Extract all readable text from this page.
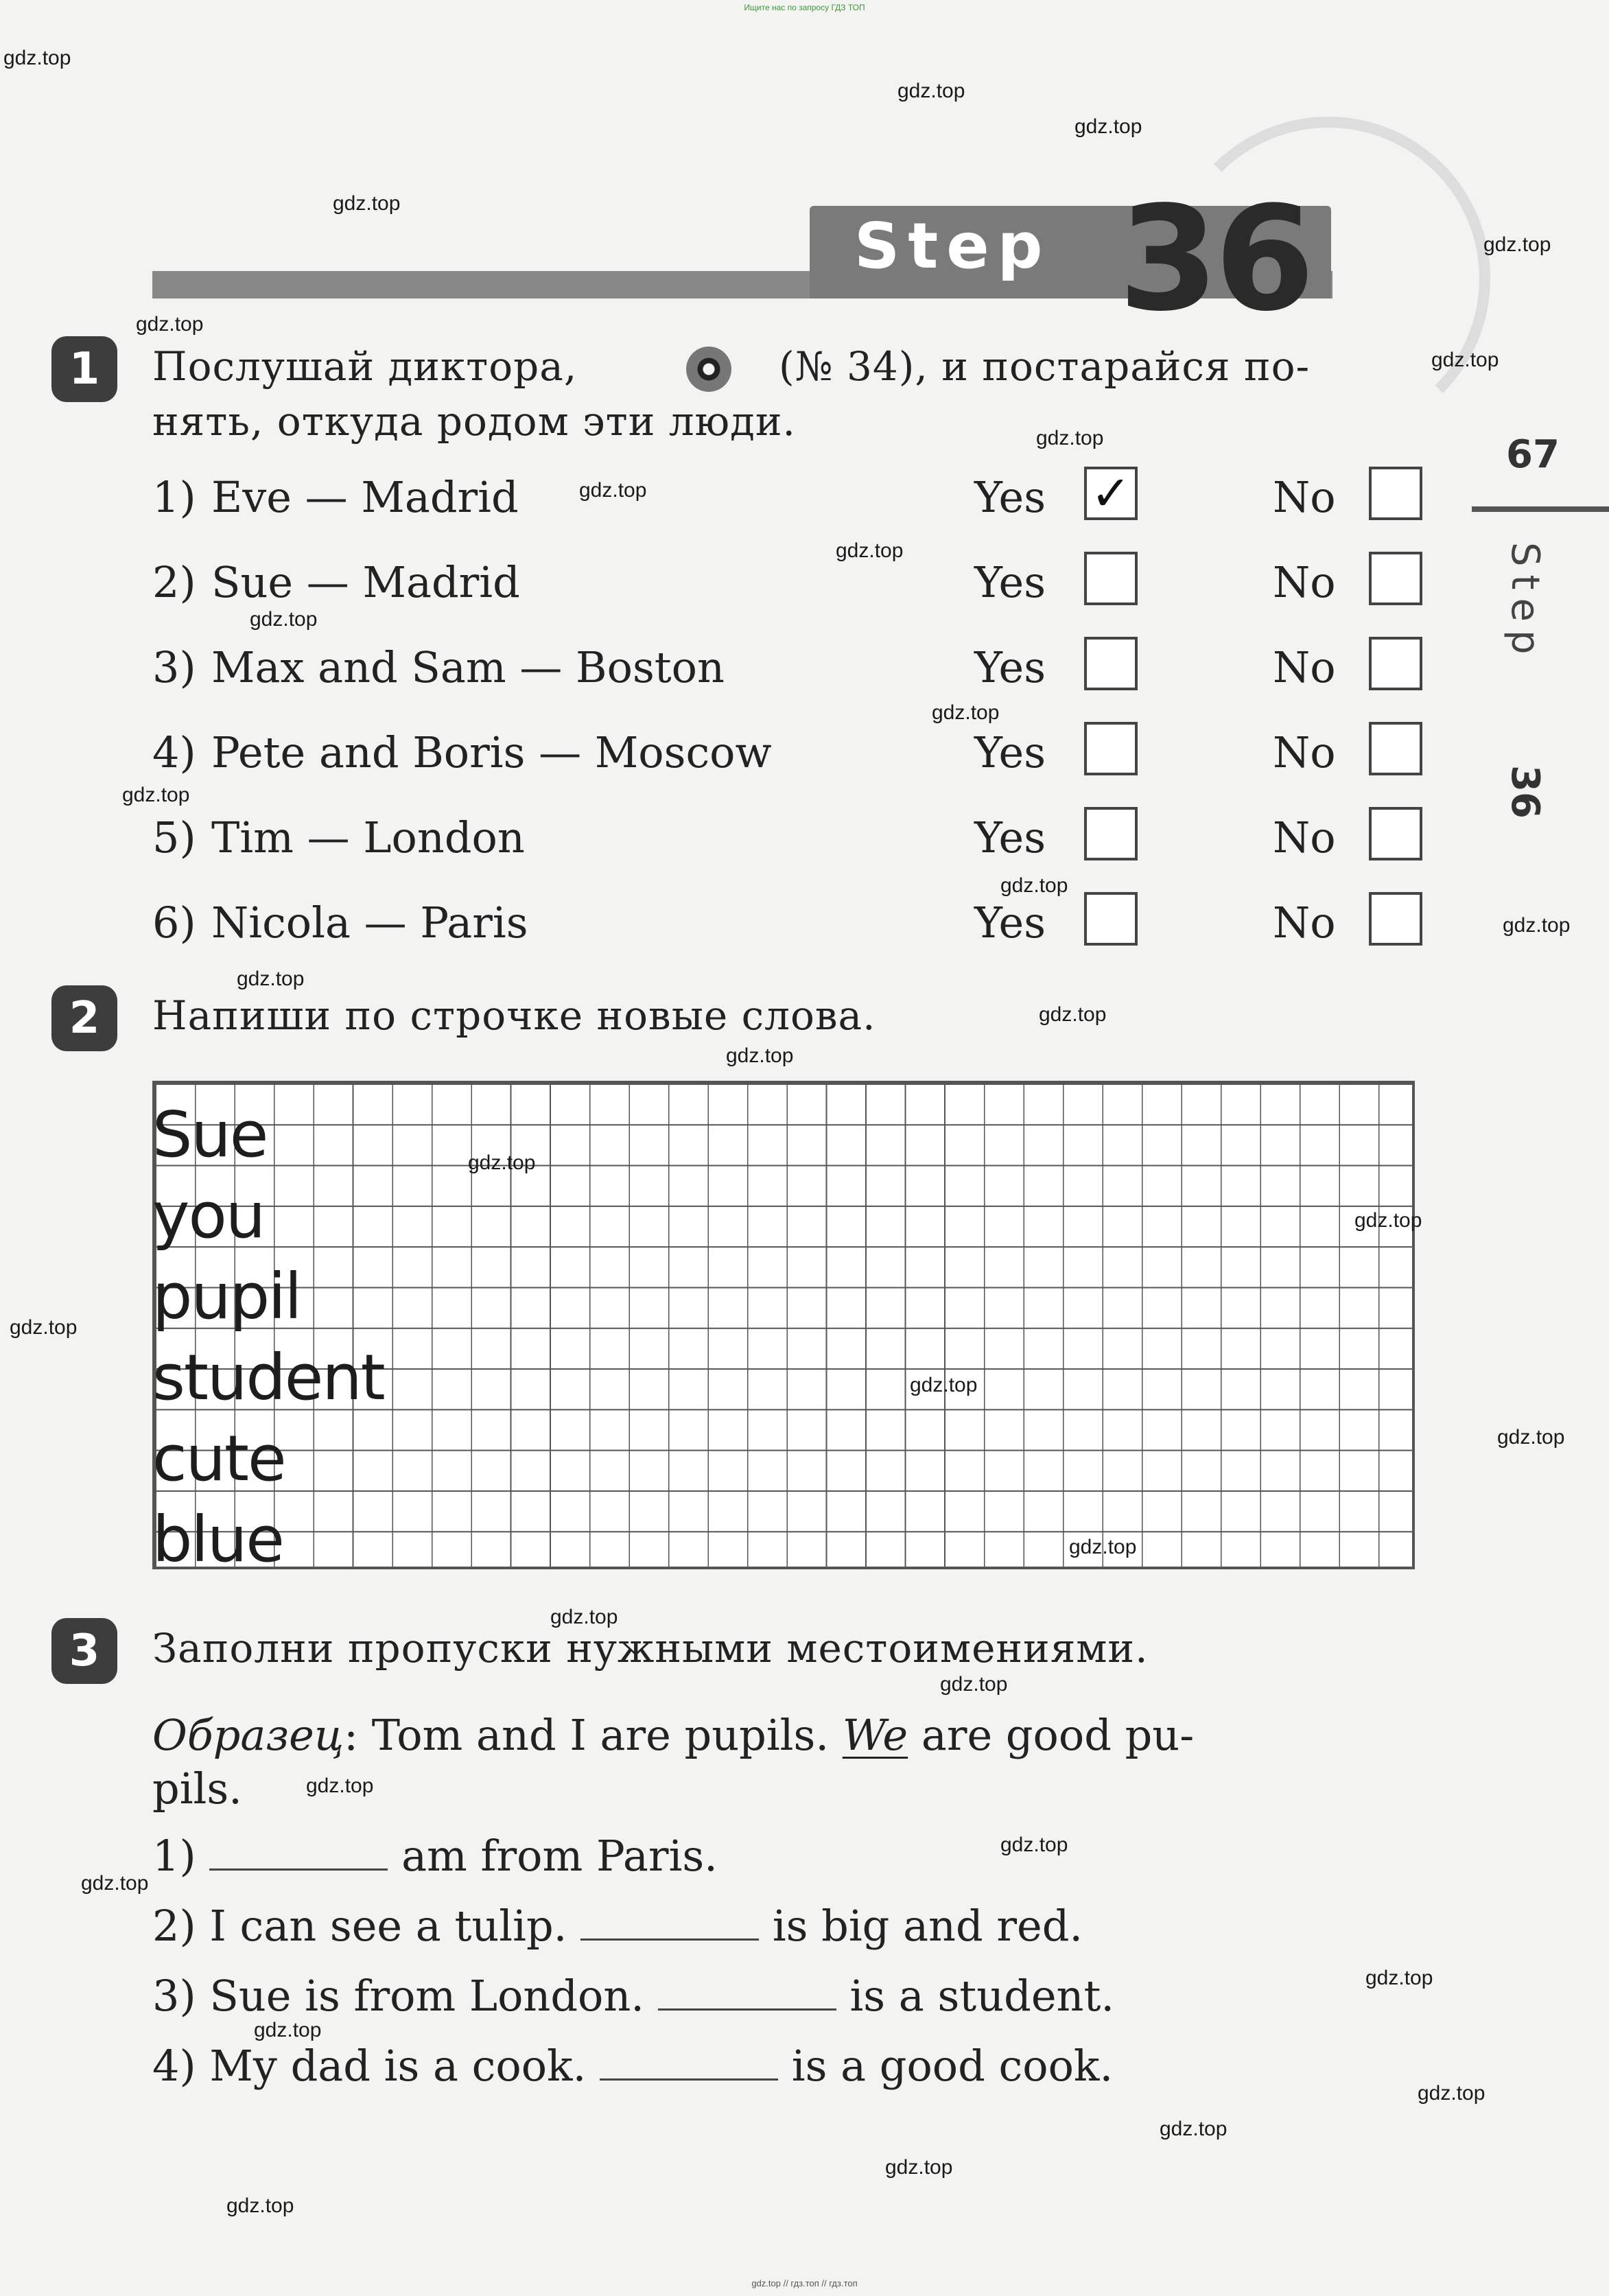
Ищите нас по запросу ГДЗ ТОП
Step 36
67
Step
36
1	Послушай диктора,	(№ 34), и постарайся по-
нять, откуда родом эти люди.
1) Eve — Madrid	Yes ✓	No
2) Sue — Madrid	Yes	No
3) Max and Sam — Boston	Yes	No
4) Pete and Boris — Moscow	Yes	No
5) Tim — London	Yes	No
6) Nicola — Paris	Yes	No
2	Напиши по строчке новые слова.
Sue
you
pupil
student
cute
blue
3	Заполни пропуски нужными местоимениями.
Образец: Tom and I are pupils. We are good pu-
pils.
1)	am from Paris.
2) I can see a tulip.	is big and red.
3) Sue is from London.	is a student.
4) My dad is a cook.	is a good cook.
gdz.top
gdz.top
gdz.top
gdz.top
gdz.top
gdz.top
gdz.top
gdz.top
gdz.top
gdz.top
gdz.top
gdz.top
gdz.top
gdz.top
gdz.top
gdz.top
gdz.top
gdz.top
gdz.top
gdz.top
gdz.top
gdz.top
gdz.top
gdz.top
gdz.top
gdz.top
gdz.top
gdz.top
gdz.top
gdz.top
gdz.top
gdz.top
gdz.top
gdz.top
gdz.top
gdz.top // гдз.топ // гдз.топ
